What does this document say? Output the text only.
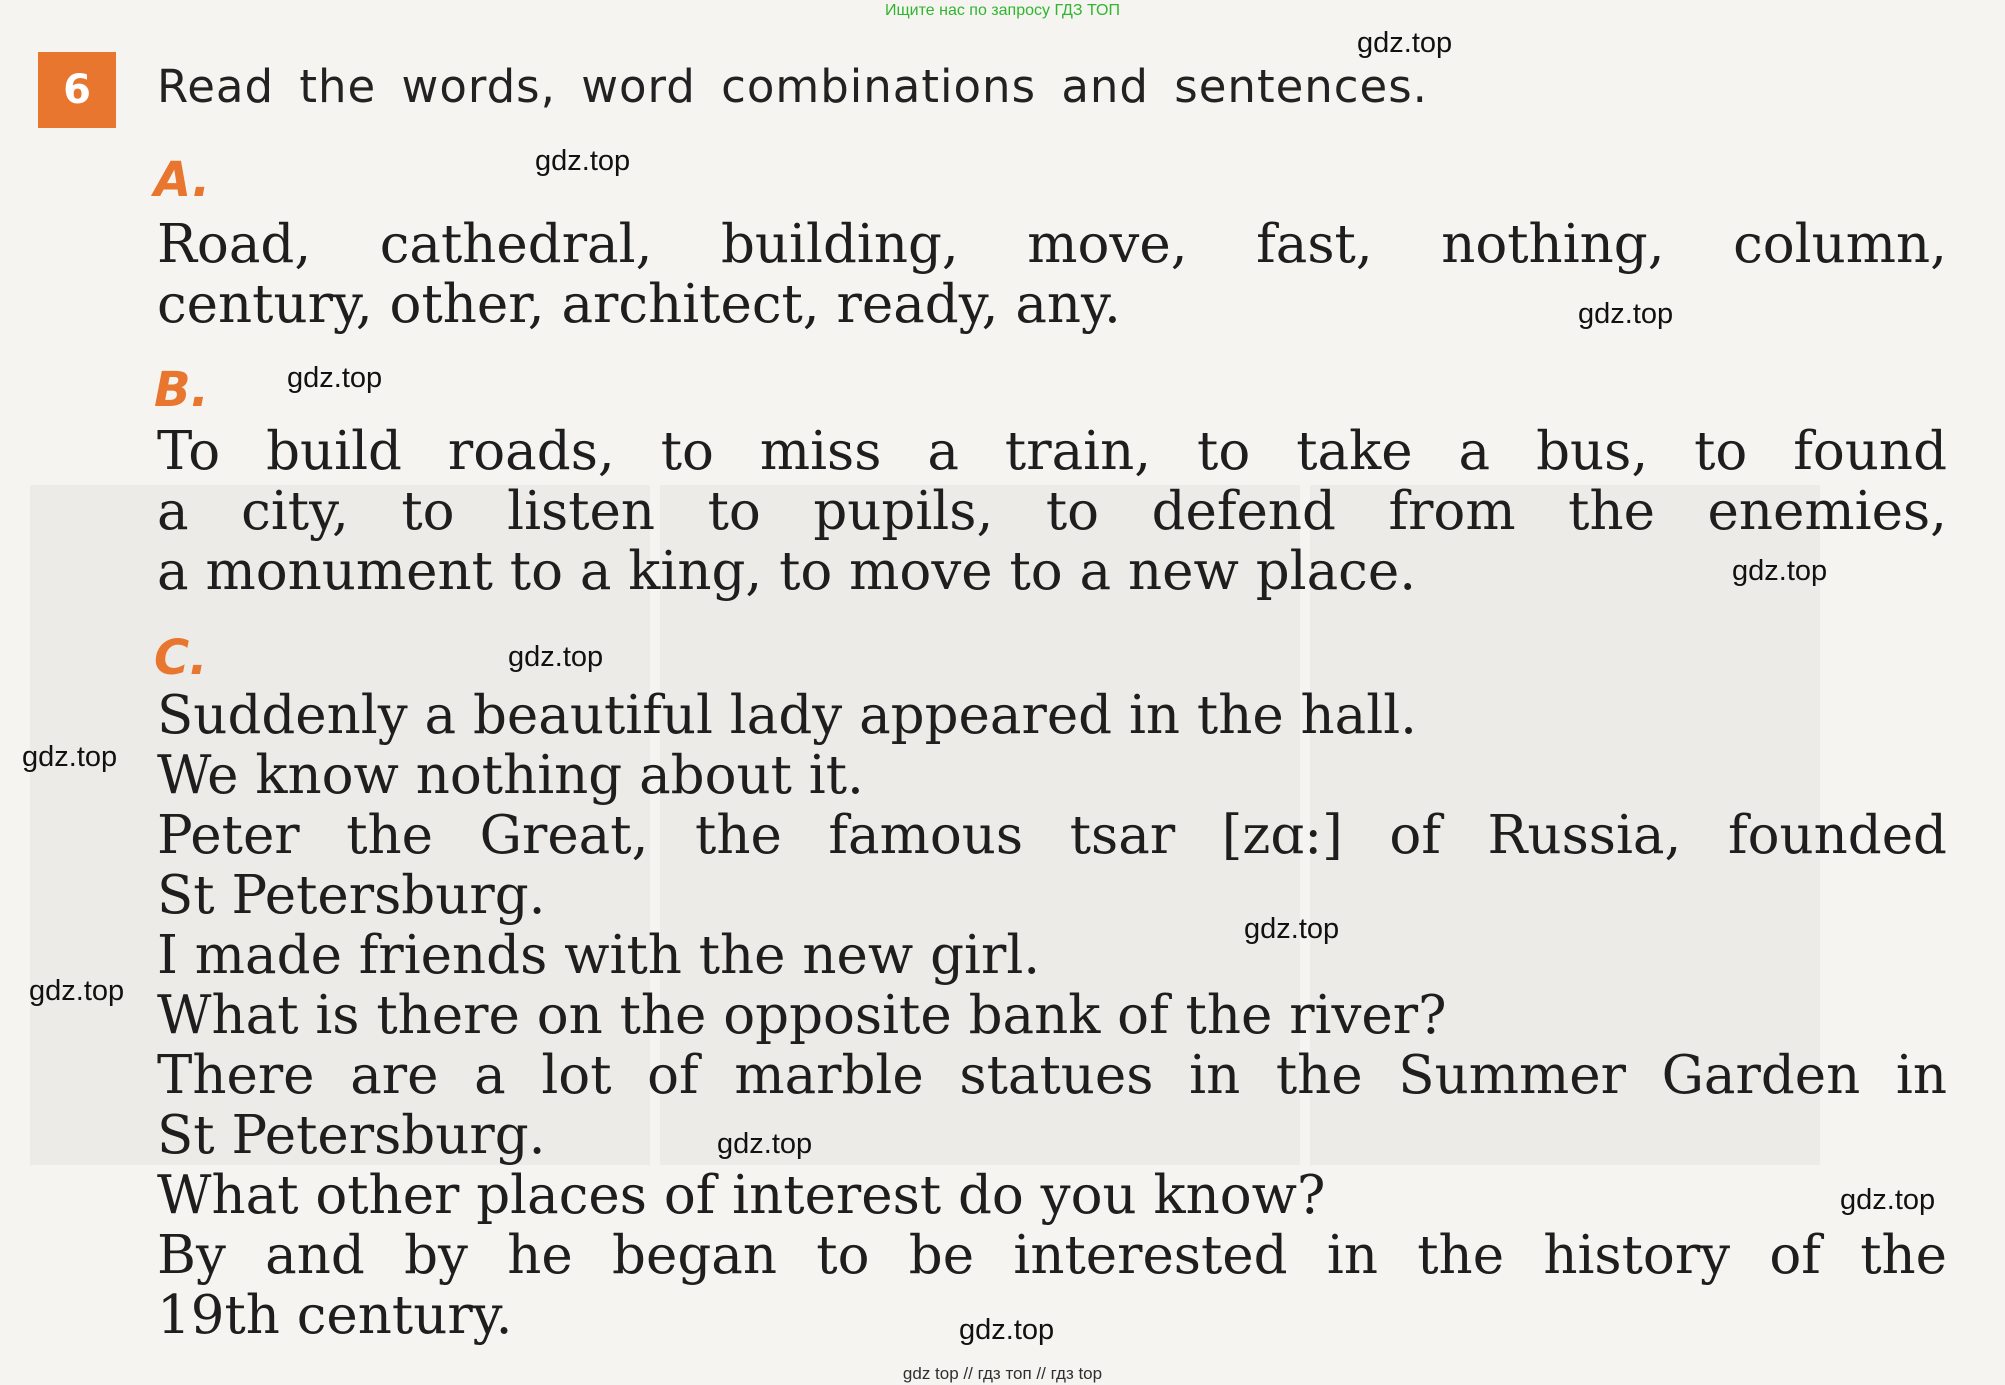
Ищите нас по запросу ГДЗ ТОП
6	Read the words, word combinations and sentences.
A.
Road, cathedral, building, move, fast, nothing, column,
century, other, architect, ready, any.
B.
To build roads, to miss a train, to take a bus, to found
a city, to listen to pupils, to defend from the enemies,
a monument to a king, to move to a new place.
C.
Suddenly a beautiful lady appeared in the hall.
We know nothing about it.
Peter the Great, the famous tsar [zɑ:] of Russia, founded
St Petersburg.
I made friends with the new girl.
What is there on the opposite bank of the river?
There are a lot of marble statues in the Summer Garden in
St Petersburg.
What other places of interest do you know?
By and by he began to be interested in the history of the
19th century.
gdz.top
gdz.top
gdz.top
gdz.top
gdz.top
gdz.top
gdz.top
gdz.top
gdz.top
gdz.top
gdz.top
gdz.top
gdz top // гдз топ // гдз top
